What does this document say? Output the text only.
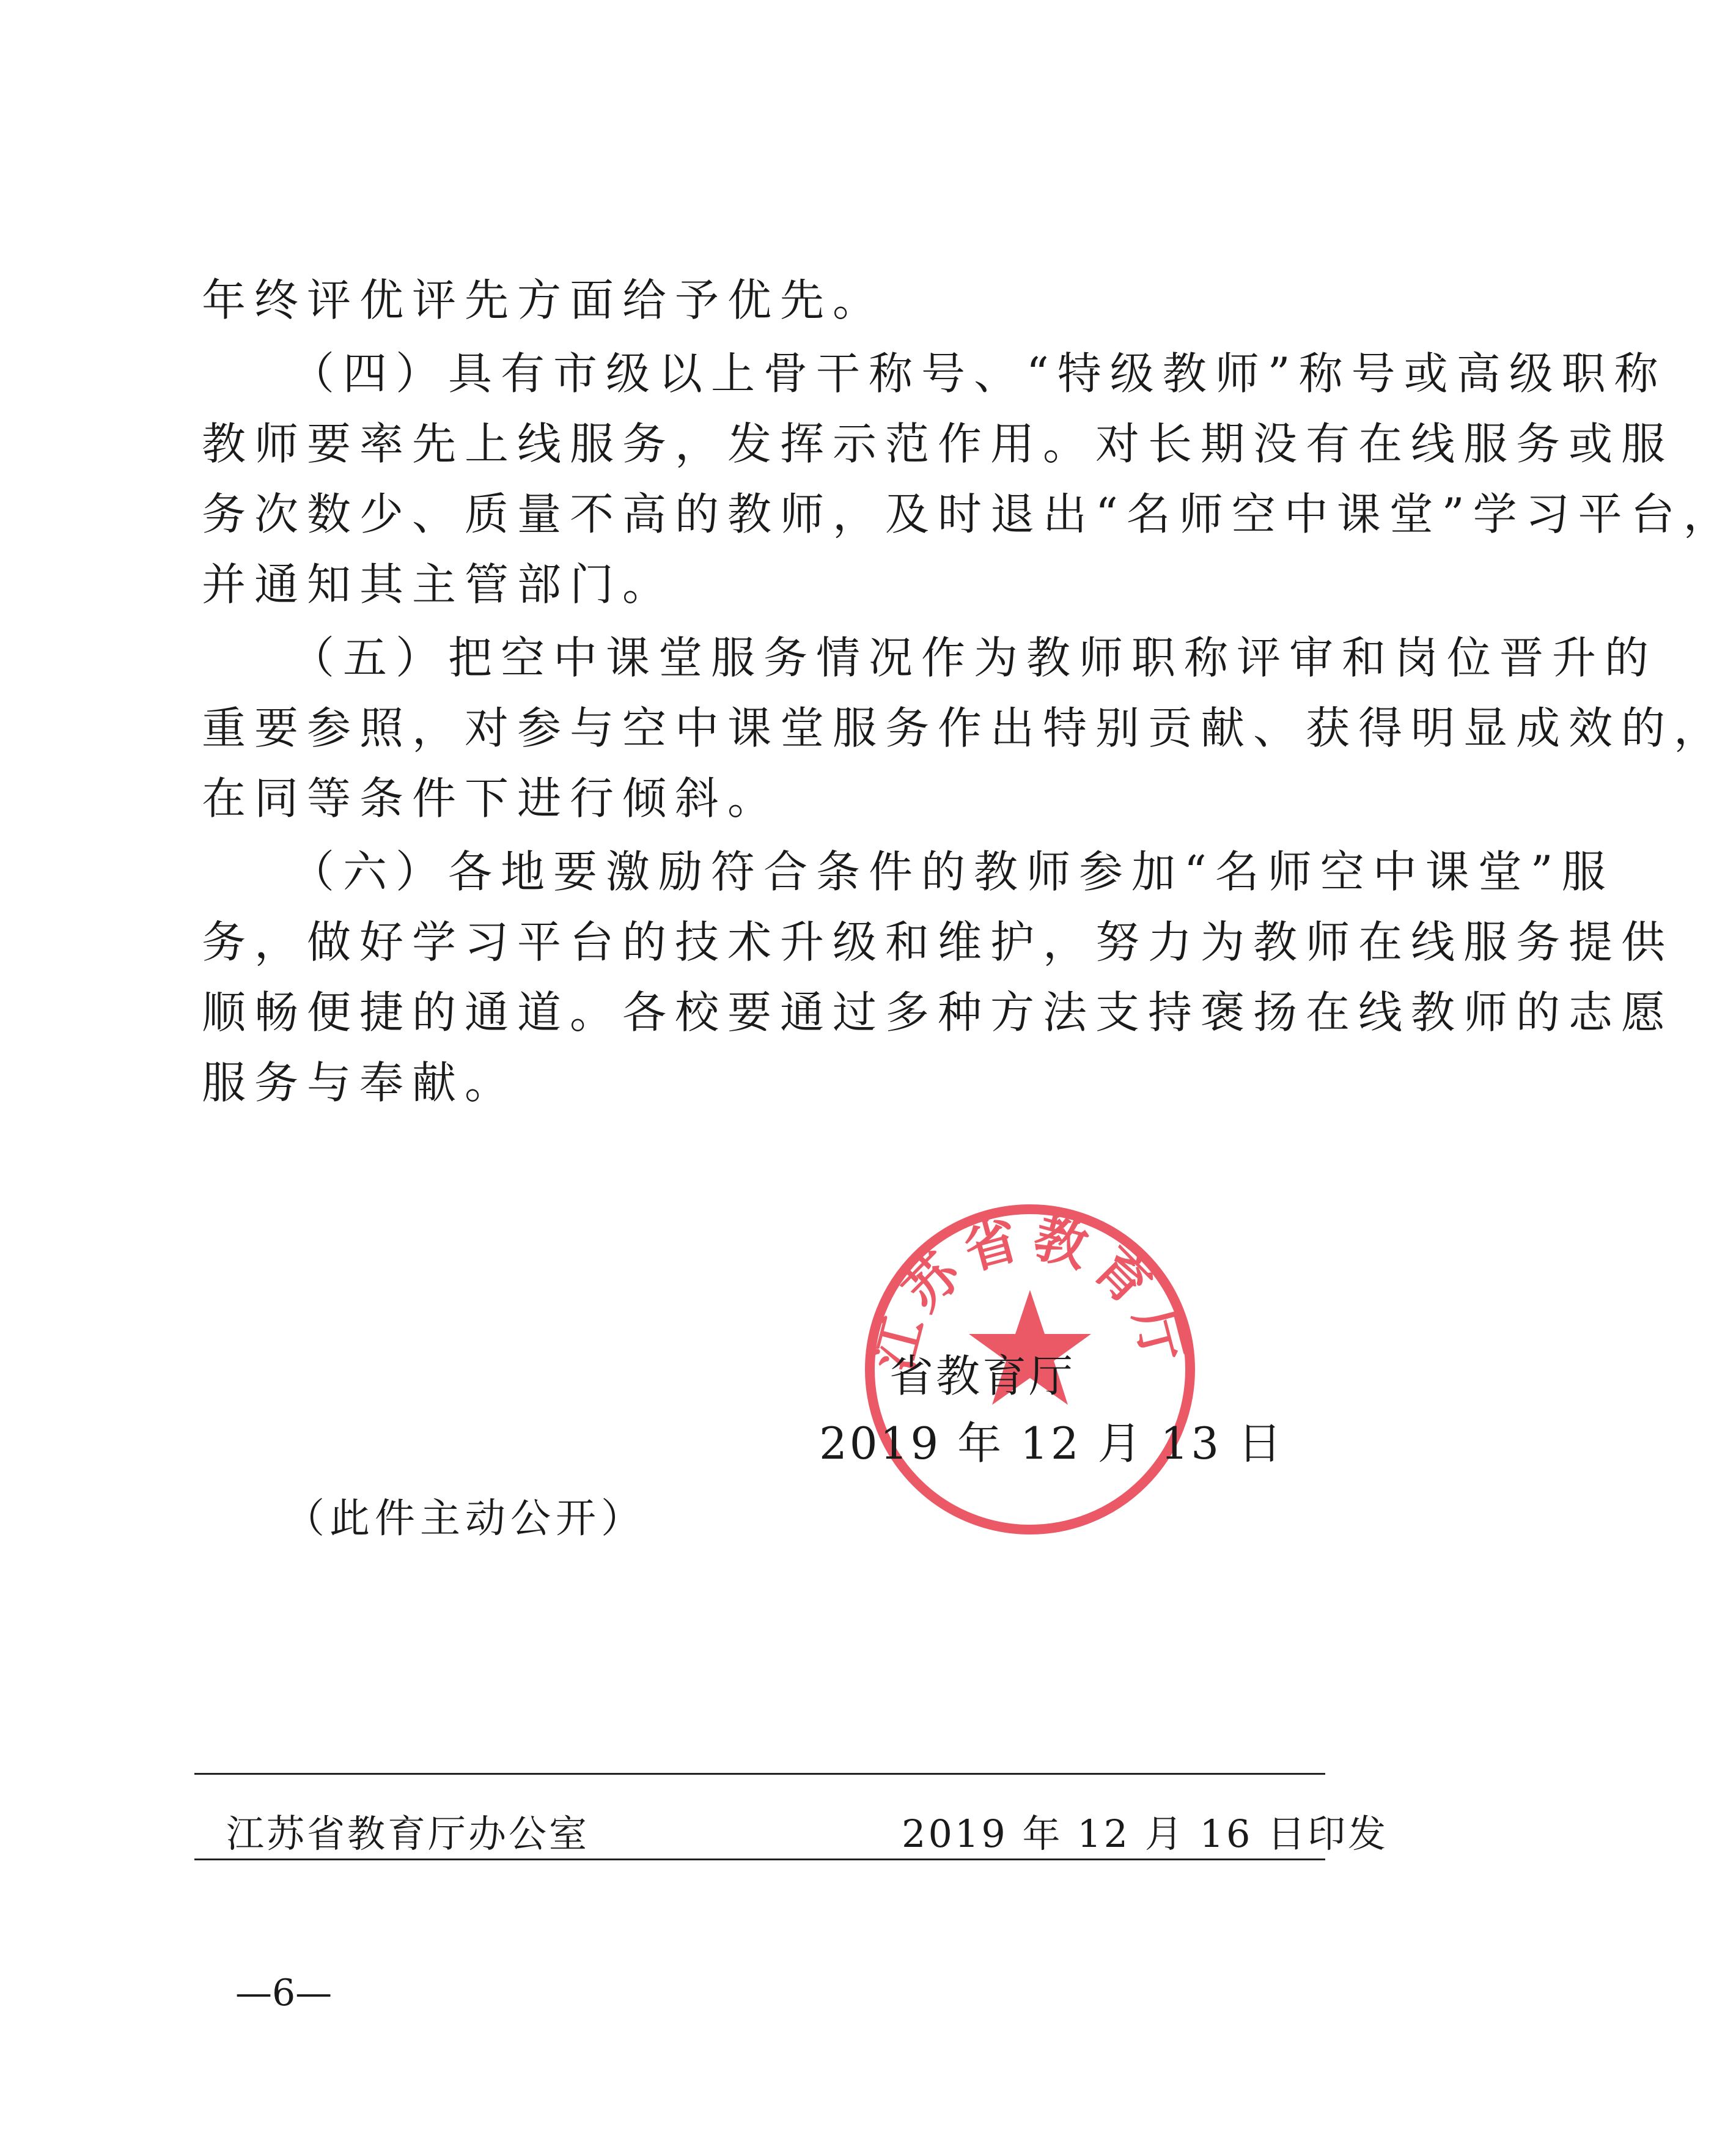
年终评优评先方面给予优先。
（四）具有市级以上骨干称号、“特级教师”称号或高级职称
教师要率先上线服务，发挥示范作用。对长期没有在线服务或服
务次数少、质量不高的教师，及时退出“名师空中课堂”学习平台，
并通知其主管部门。
（五）把空中课堂服务情况作为教师职称评审和岗位晋升的
重要参照，对参与空中课堂服务作出特别贡献、获得明显成效的，
在同等条件下进行倾斜。
（六）各地要激励符合条件的教师参加“名师空中课堂”服
务，做好学习平台的技术升级和维护，努力为教师在线服务提供
顺畅便捷的通道。各校要通过多种方法支持褒扬在线教师的志愿
服务与奉献。
江苏省教育厅
省教育厅
2019 年 12 月 13 日
（此件主动公开）
江苏省教育厅办公室	2019 年 12 月 16 日印发
—6—
